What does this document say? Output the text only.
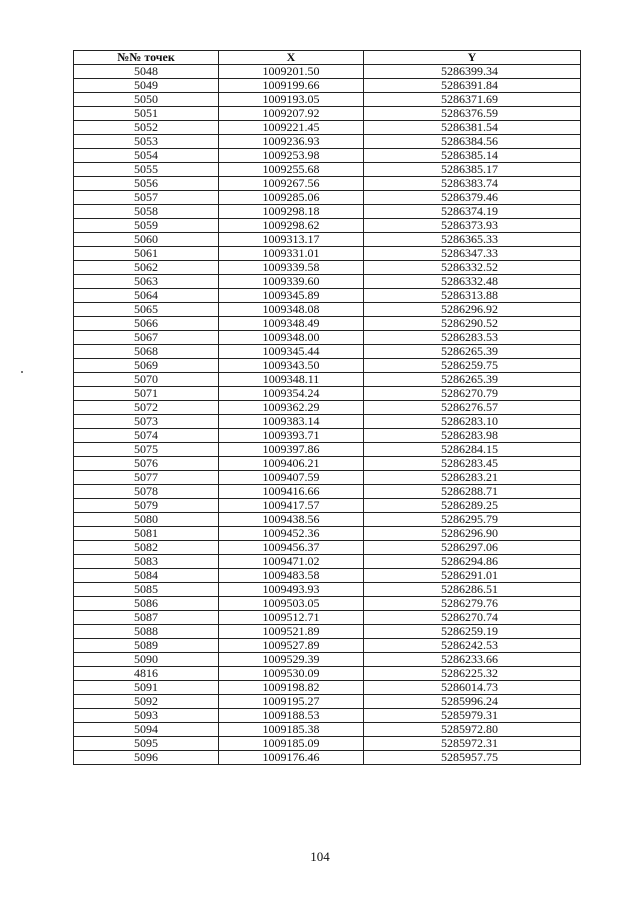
№№ точек	X	Y
5048	1009201.50	5286399.34
5049	1009199.66	5286391.84
5050	1009193.05	5286371.69
5051	1009207.92	5286376.59
5052	1009221.45	5286381.54
5053	1009236.93	5286384.56
5054	1009253.98	5286385.14
5055	1009255.68	5286385.17
5056	1009267.56	5286383.74
5057	1009285.06	5286379.46
5058	1009298.18	5286374.19
5059	1009298.62	5286373.93
5060	1009313.17	5286365.33
5061	1009331.01	5286347.33
5062	1009339.58	5286332.52
5063	1009339.60	5286332.48
5064	1009345.89	5286313.88
5065	1009348.08	5286296.92
5066	1009348.49	5286290.52
5067	1009348.00	5286283.53
5068	1009345.44	5286265.39
5069	1009343.50	5286259.75
5070	1009348.11	5286265.39
5071	1009354.24	5286270.79
5072	1009362.29	5286276.57
5073	1009383.14	5286283.10
5074	1009393.71	5286283.98
5075	1009397.86	5286284.15
5076	1009406.21	5286283.45
5077	1009407.59	5286283.21
5078	1009416.66	5286288.71
5079	1009417.57	5286289.25
5080	1009438.56	5286295.79
5081	1009452.36	5286296.90
5082	1009456.37	5286297.06
5083	1009471.02	5286294.86
5084	1009483.58	5286291.01
5085	1009493.93	5286286.51
5086	1009503.05	5286279.76
5087	1009512.71	5286270.74
5088	1009521.89	5286259.19
5089	1009527.89	5286242.53
5090	1009529.39	5286233.66
4816	1009530.09	5286225.32
5091	1009198.82	5286014.73
5092	1009195.27	5285996.24
5093	1009188.53	5285979.31
5094	1009185.38	5285972.80
5095	1009185.09	5285972.31
5096	1009176.46	5285957.75
104
